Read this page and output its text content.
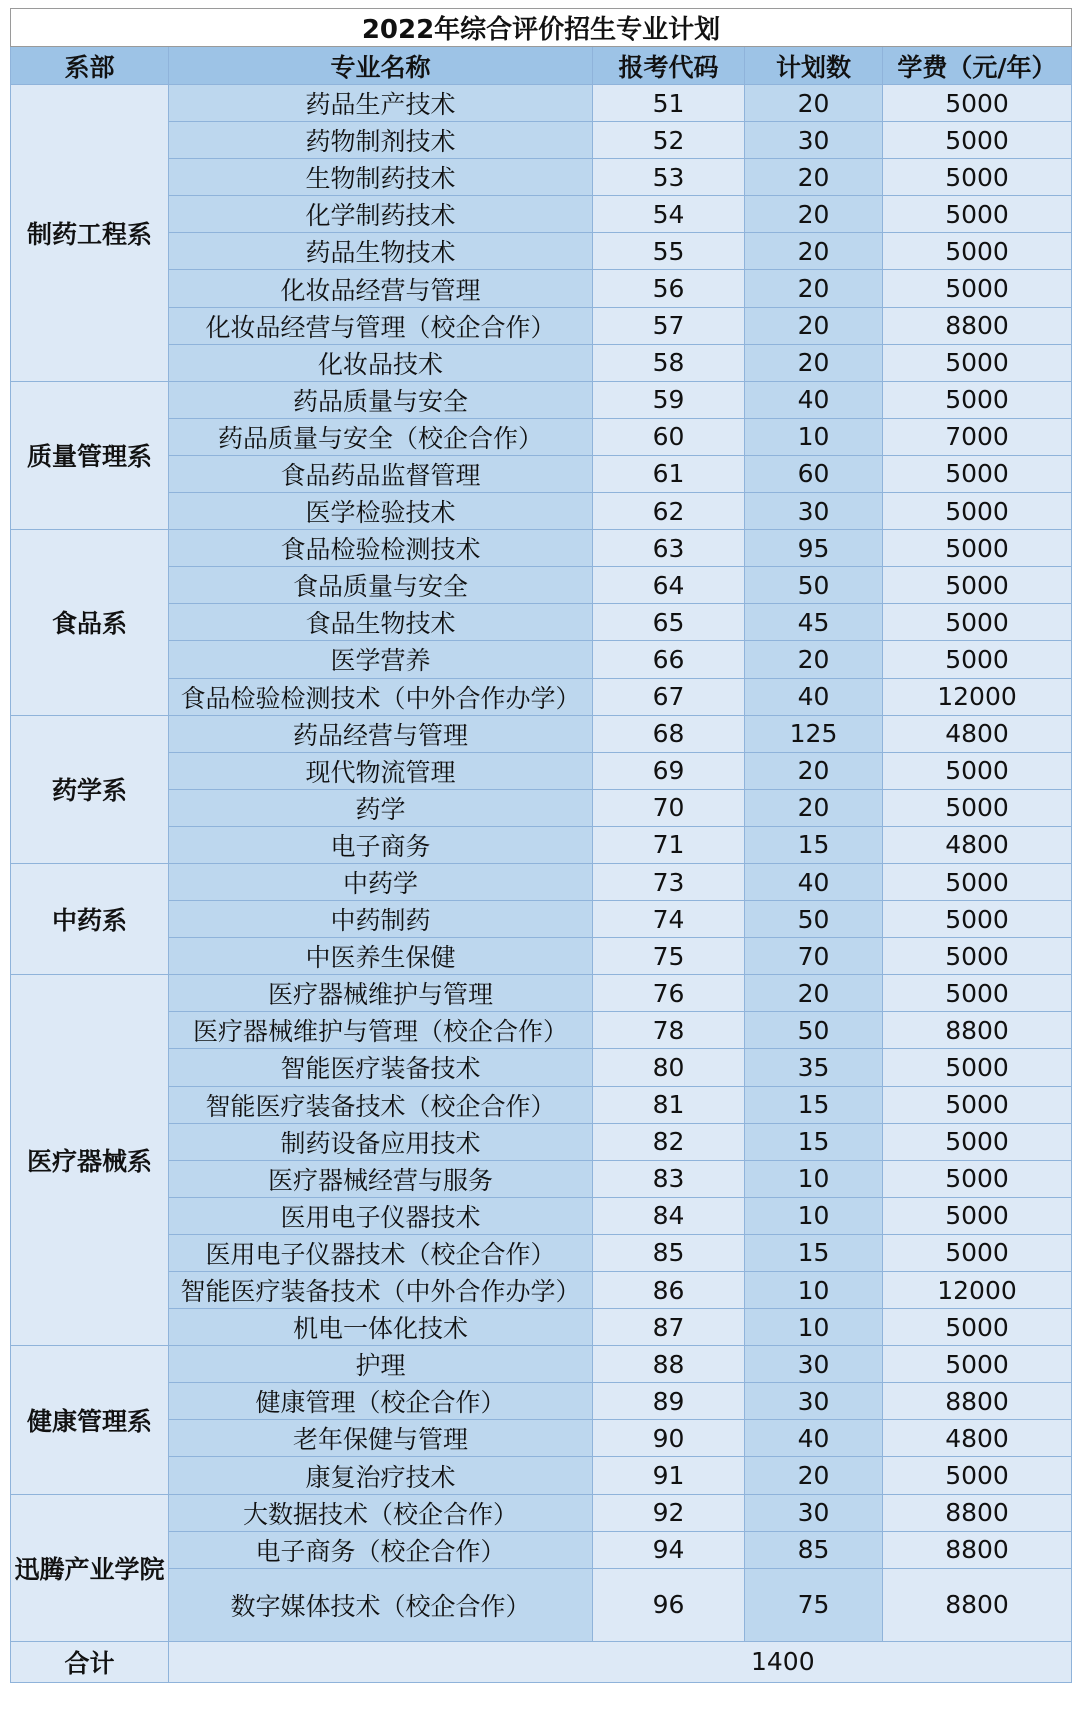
2022年综合评价招生专业计划				
系部	专业名称	报考代码	计划数	学费（元/年）
制药工程系	药品生产技术	51	20	5000
	药物制剂技术	52	30	5000
	生物制药技术	53	20	5000
	化学制药技术	54	20	5000
	药品生物技术	55	20	5000
	化妆品经营与管理	56	20	5000
	化妆品经营与管理（校企合作）	57	20	8800
	化妆品技术	58	20	5000
质量管理系	药品质量与安全	59	40	5000
	药品质量与安全（校企合作）	60	10	7000
	食品药品监督管理	61	60	5000
	医学检验技术	62	30	5000
食品系	食品检验检测技术	63	95	5000
	食品质量与安全	64	50	5000
	食品生物技术	65	45	5000
	医学营养	66	20	5000
	食品检验检测技术（中外合作办学）	67	40	12000
药学系	药品经营与管理	68	125	4800
	现代物流管理	69	20	5000
	药学	70	20	5000
	电子商务	71	15	4800
中药系	中药学	73	40	5000
	中药制药	74	50	5000
	中医养生保健	75	70	5000
医疗器械系	医疗器械维护与管理	76	20	5000
	医疗器械维护与管理（校企合作）	78	50	8800
	智能医疗装备技术	80	35	5000
	智能医疗装备技术（校企合作）	81	15	5000
	制药设备应用技术	82	15	5000
	医疗器械经营与服务	83	10	5000
	医用电子仪器技术	84	10	5000
	医用电子仪器技术（校企合作）	85	15	5000
	智能医疗装备技术（中外合作办学）	86	10	12000
	机电一体化技术	87	10	5000
健康管理系	护理	88	30	5000
	健康管理（校企合作）	89	30	8800
	老年保健与管理	90	40	4800
	康复治疗技术	91	20	5000
迅腾产业学院	大数据技术（校企合作）	92	30	8800
	电子商务（校企合作）	94	85	8800
	数字媒体技术（校企合作）	96	75	8800
合计	1400			
